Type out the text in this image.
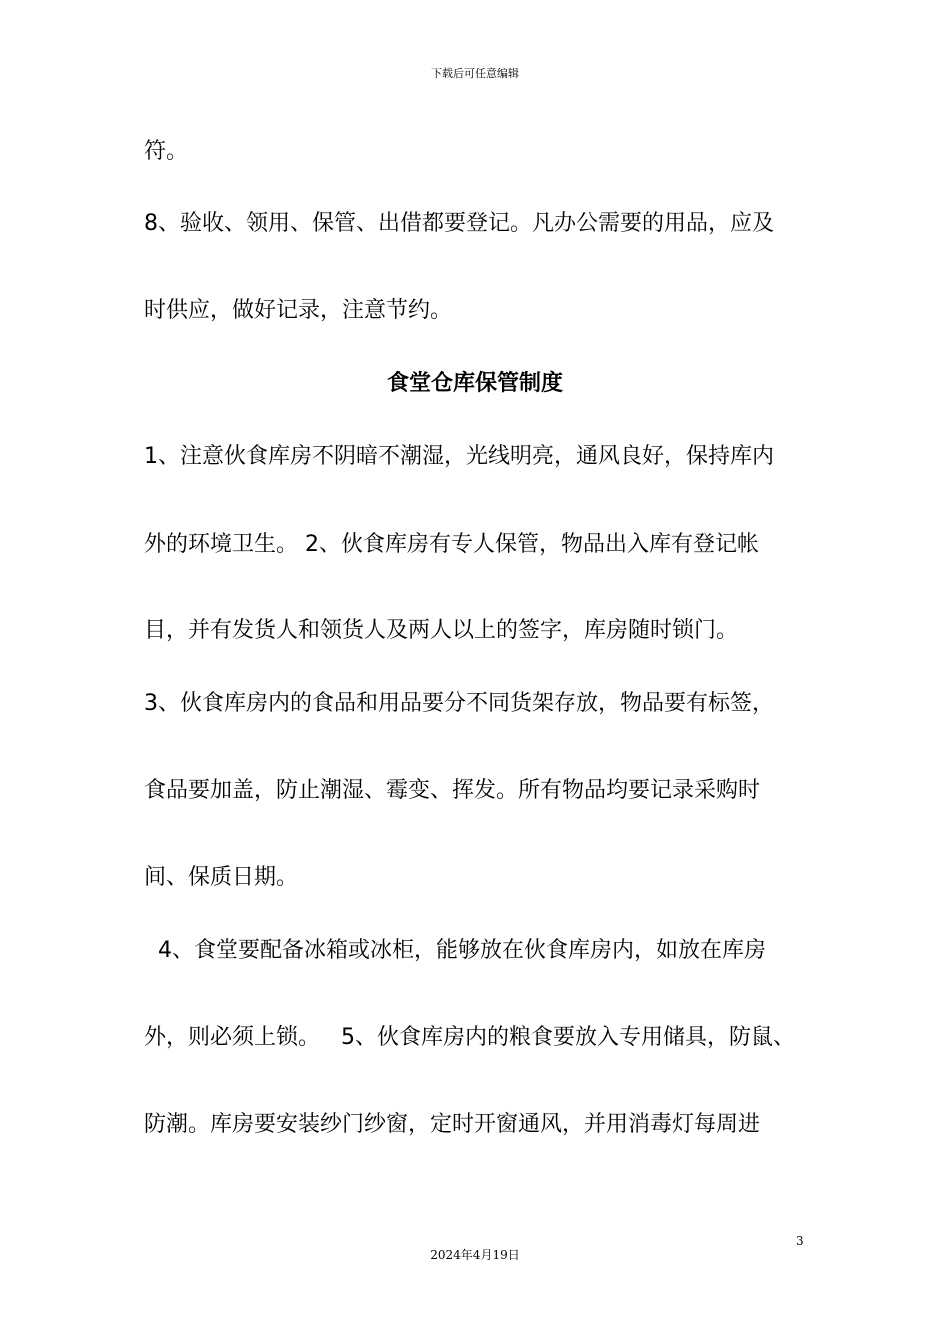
下载后可任意编辑
符。
8、验收、领用、保管、出借都要登记。凡办公需要的用品，应及
时供应，做好记录，注意节约。
食堂仓库保管制度
1、注意伙食库房不阴暗不潮湿，光线明亮，通风良好，保持库内
外的环境卫生。 2、伙食库房有专人保管，物品出入库有登记帐
目，并有发货人和领货人及两人以上的签字，库房随时锁门。
3、伙食库房内的食品和用品要分不同货架存放，物品要有标签，
食品要加盖，防止潮湿、霉变、挥发。所有物品均要记录采购时
间、保质日期。
4、食堂要配备冰箱或冰柜，能够放在伙食库房内，如放在库房
外，则必须上锁。   5、伙食库房内的粮食要放入专用储具，防鼠、
防潮。库房要安装纱门纱窗，定时开窗通风，并用消毒灯每周进
3
2024年4月19日
